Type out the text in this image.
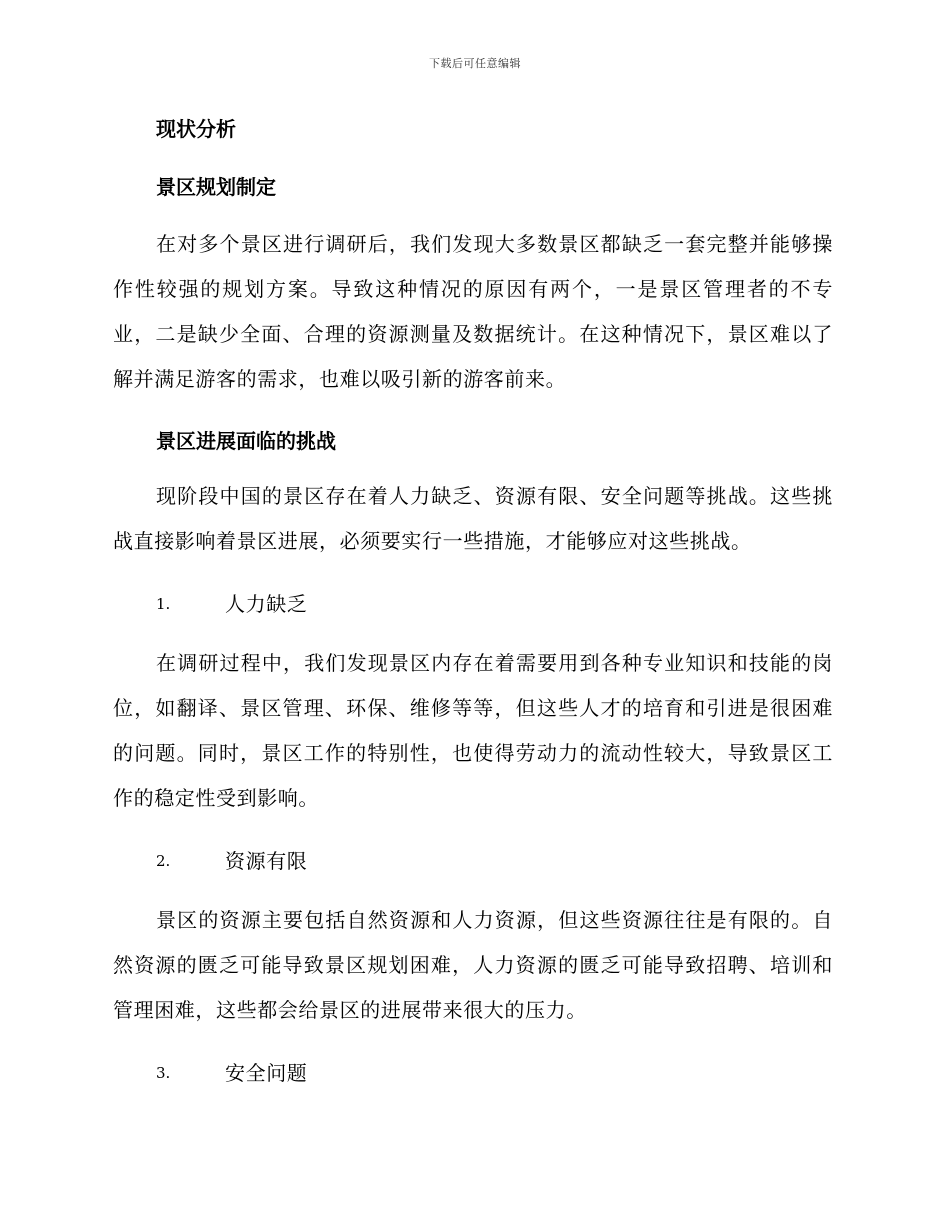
下载后可任意编辑
现状分析
景区规划制定

在对多个景区进行调研后，我们发现大多数景区都缺乏一套完整并能够操作性较强的规划方案。导致这种情况的原因有两个，一是景区管理者的不专业，二是缺少全面、合理的资源测量及数据统计。在这种情况下，景区难以了解并满足游客的需求，也难以吸引新的游客前来。

景区进展面临的挑战

现阶段中国的景区存在着人力缺乏、资源有限、安全问题等挑战。这些挑战直接影响着景区进展，必须要实行一些措施，才能够应对这些挑战。

1.	人力缺乏

在调研过程中，我们发现景区内存在着需要用到各种专业知识和技能的岗位，如翻译、景区管理、环保、维修等等，但这些人才的培育和引进是很困难的问题。同时，景区工作的特别性，也使得劳动力的流动性较大，导致景区工作的稳定性受到影响。

2.	资源有限

景区的资源主要包括自然资源和人力资源，但这些资源往往是有限的。自然资源的匮乏可能导致景区规划困难，人力资源的匮乏可能导致招聘、培训和管理困难，这些都会给景区的进展带来很大的压力。

3.	安全问题
